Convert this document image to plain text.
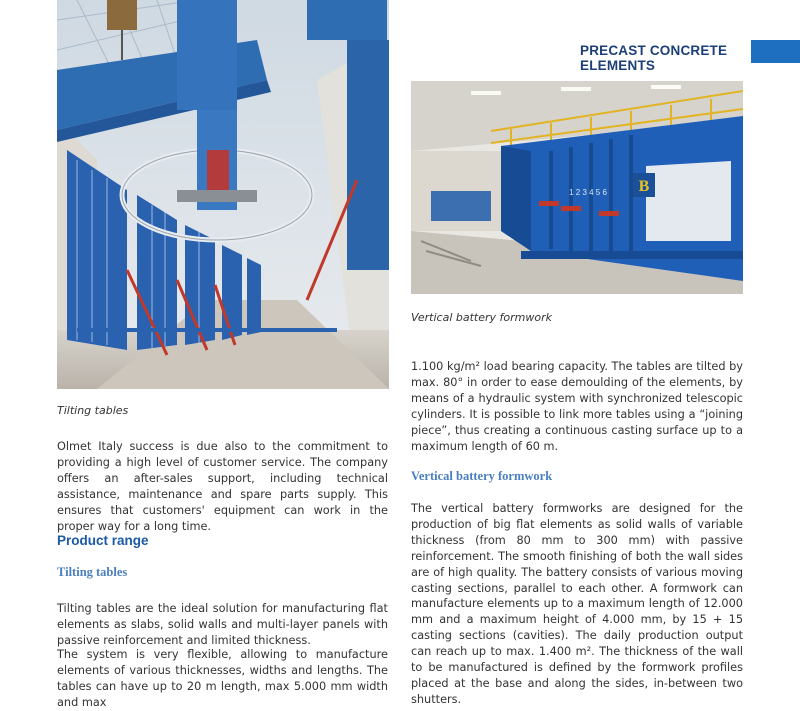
PRECAST CONCRETE ELEMENTS
Tilting tables
B
1 2 3 4 5 6
Vertical battery formwork

Olmet Italy success is due also to the commitment to providing a high level of customer service. The company offers an after-sales support, including technical assistance, maintenance and spare parts supply. This ensures that customers' equipment can work in the proper way for a long time.

Product range
Tilting tables

Tilting tables are the ideal solution for manufacturing flat elements as slabs, solid walls and multi-layer panels with passive reinforcement and limited thickness.

The system is very flexible, allowing to manufacture elements of various thicknesses, widths and lengths. The tables can have up to 20 m length, max 5.000 mm width and max

1.100 kg/m² load bearing capacity. The tables are tilted by max. 80° in order to ease demoulding of the elements, by means of a hydraulic system with synchronized telescopic cylinders. It is possible to link more tables using a “joining piece”, thus creating a continuous casting surface up to a maximum length of 60 m.

Vertical battery formwork

The vertical battery formworks are designed for the production of big flat elements as solid walls of variable thickness (from 80 mm to 300 mm) with passive reinforcement. The smooth finishing of both the wall sides are of high quality. The battery consists of various moving casting sections, parallel to each other. A formwork can manufacture elements up to a maximum length of 12.000 mm and a maximum height of 4.000 mm, by 15 + 15 casting sections (cavities). The daily production output can reach up to max. 1.400 m². The thickness of the wall to be manufactured is defined by the formwork profiles placed at the base and along the sides, in-between two shutters.
